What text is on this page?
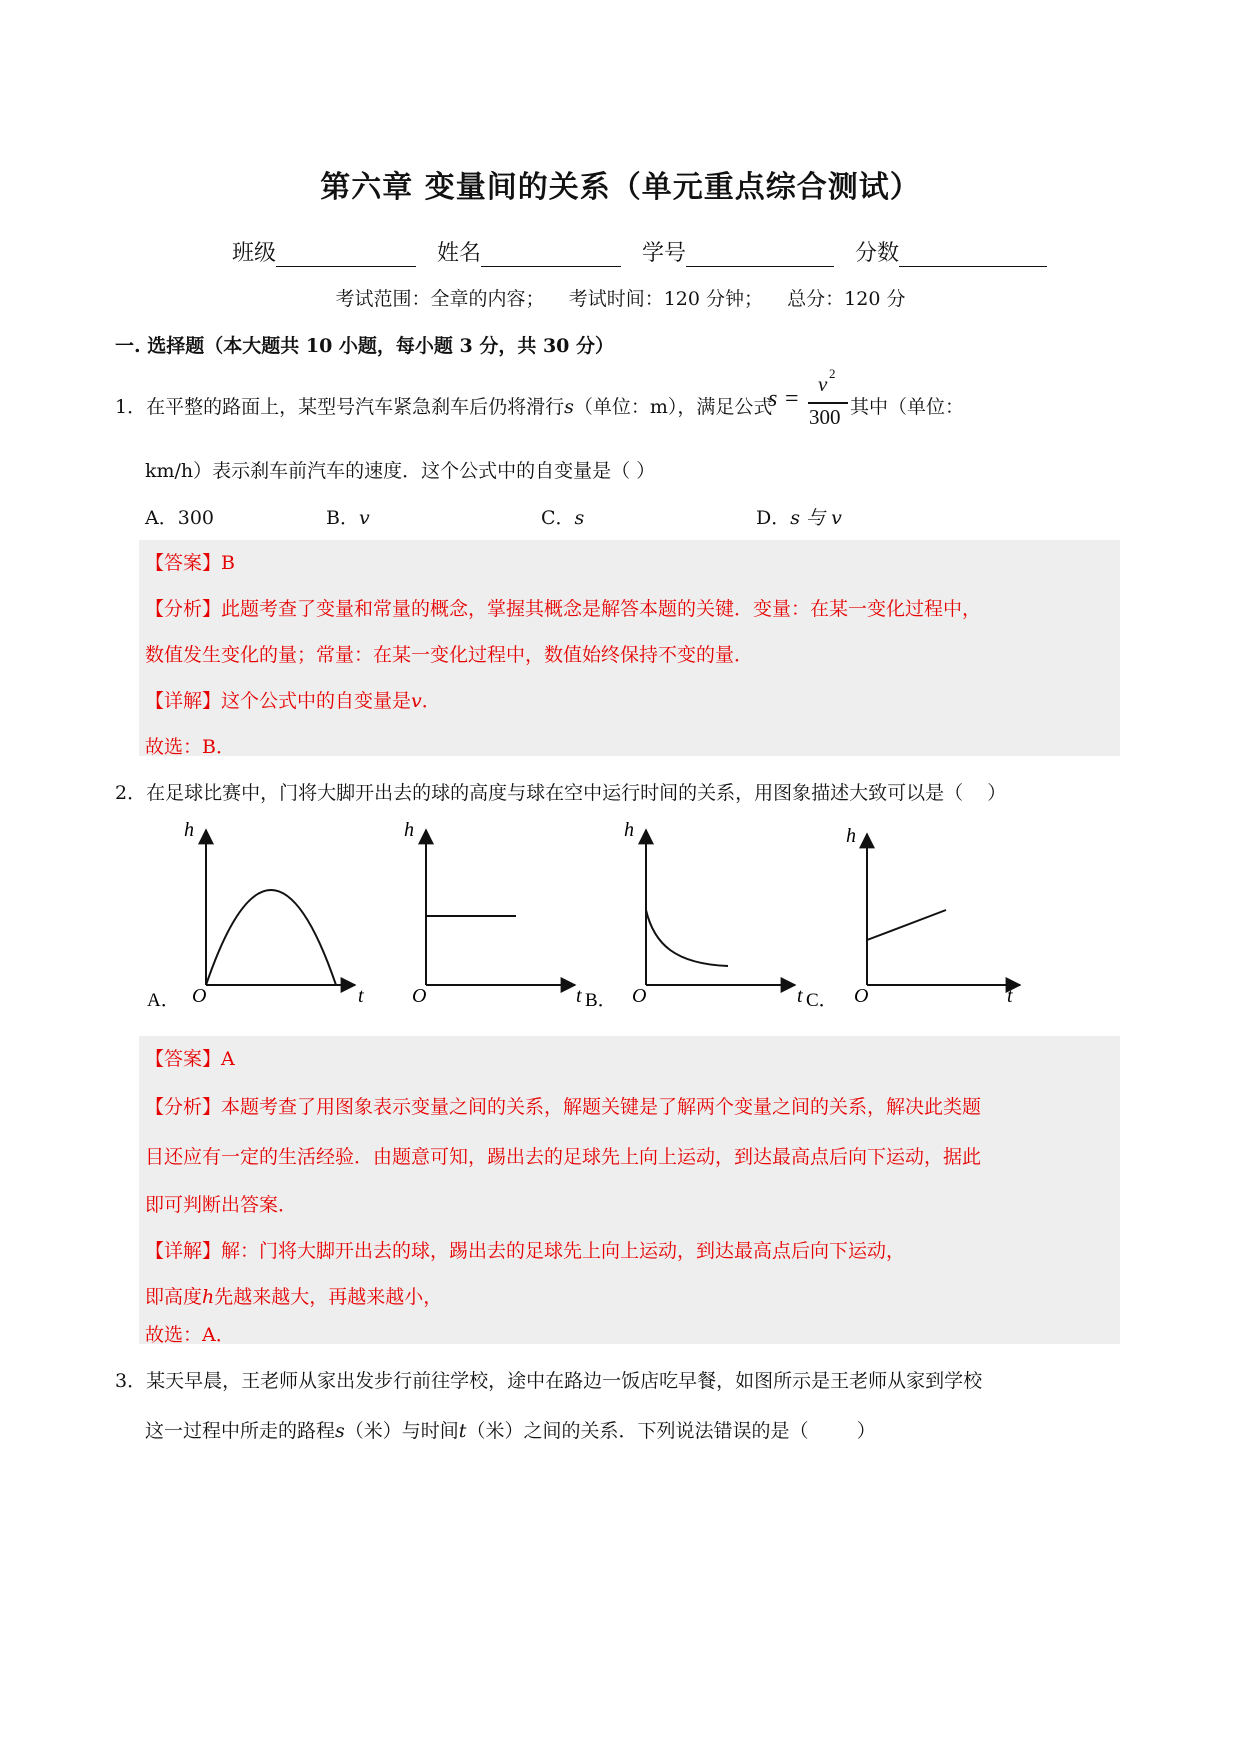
第六章 变量间的关系（单元重点综合测试）
班级	姓名	学号	分数
考试范围：全章的内容；    考试时间：120 分钟；    总分：120 分
一. 选择题（本大题共 10 小题，每小题 3 分，共 30 分）
1．在平整的路面上，某型号汽车紧急刹车后仍将滑行s（单位：m），满足公式
s =
v 2
300 其中（单位：
km/h）表示刹车前汽车的速度．这个公式中的自变量是（ ）
A．300	B．v	C．s	D．s 与 v
【答案】B
【分析】此题考查了变量和常量的概念，掌握其概念是解答本题的关键．变量：在某一变化过程中，
数值发生变化的量；常量：在某一变化过程中，数值始终保持不变的量．
【详解】这个公式中的自变量是v．
故选：B．
2．在足球比赛中，门将大脚开出去的球的高度与球在空中运行时间的关系，用图象描述大致可以是（    ）
h
O	t
A．
h
O	t B．
h
O	t C．
h
O	t
【答案】A
【分析】本题考查了用图象表示变量之间的关系，解题关键是了解两个变量之间的关系，解决此类题
目还应有一定的生活经验．由题意可知，踢出去的足球先上向上运动，到达最高点后向下运动，据此
即可判断出答案．
【详解】解：门将大脚开出去的球，踢出去的足球先上向上运动，到达最高点后向下运动，
即高度h先越来越大，再越来越小，
故选：A．
3．某天早晨，王老师从家出发步行前往学校，途中在路边一饭店吃早餐，如图所示是王老师从家到学校
这一过程中所走的路程s（米）与时间t（米）之间的关系．下列说法错误的是（        ）
